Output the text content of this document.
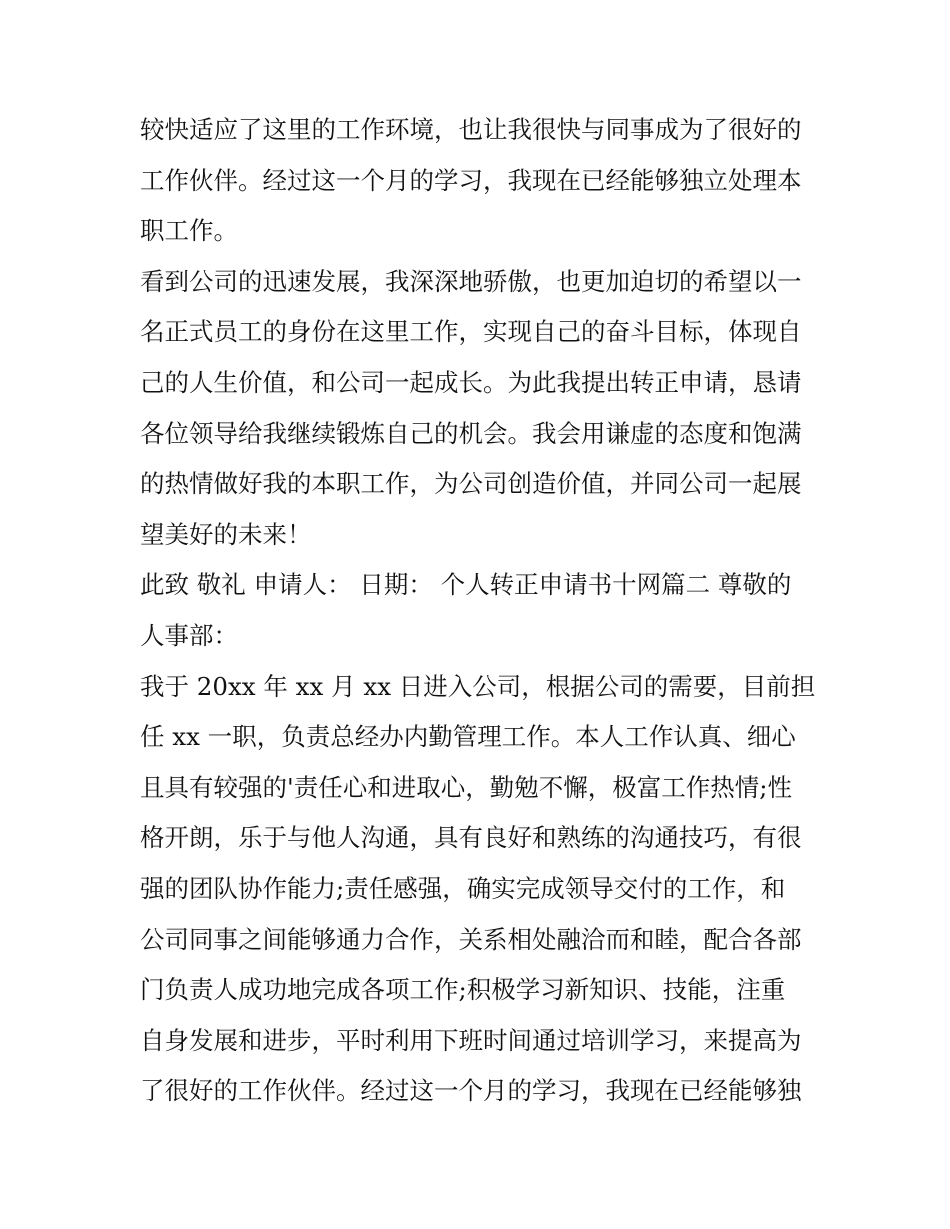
较快适应了这里的工作环境，也让我很快与同事成为了很好的
工作伙伴。经过这一个月的学习，我现在已经能够独立处理本
职工作。
看到公司的迅速发展，我深深地骄傲，也更加迫切的希望以一
名正式员工的身份在这里工作，实现自己的奋斗目标，体现自
己的人生价值，和公司一起成长。为此我提出转正申请，恳请
各位领导给我继续锻炼自己的机会。我会用谦虚的态度和饱满
的热情做好我的本职工作，为公司创造价值，并同公司一起展
望美好的未来！
此致 敬礼 申请人： 日期： 个人转正申请书十网篇二 尊敬的
人事部：
我于 20xx 年 xx 月 xx 日进入公司，根据公司的需要，目前担
任 xx 一职，负责总经办内勤管理工作。本人工作认真、细心
且具有较强的'责任心和进取心，勤勉不懈，极富工作热情;性
格开朗，乐于与他人沟通，具有良好和熟练的沟通技巧，有很
强的团队协作能力;责任感强，确实完成领导交付的工作，和
公司同事之间能够通力合作，关系相处融洽而和睦，配合各部
门负责人成功地完成各项工作;积极学习新知识、技能，注重
自身发展和进步，平时利用下班时间通过培训学习，来提高为
了很好的工作伙伴。经过这一个月的学习，我现在已经能够独
